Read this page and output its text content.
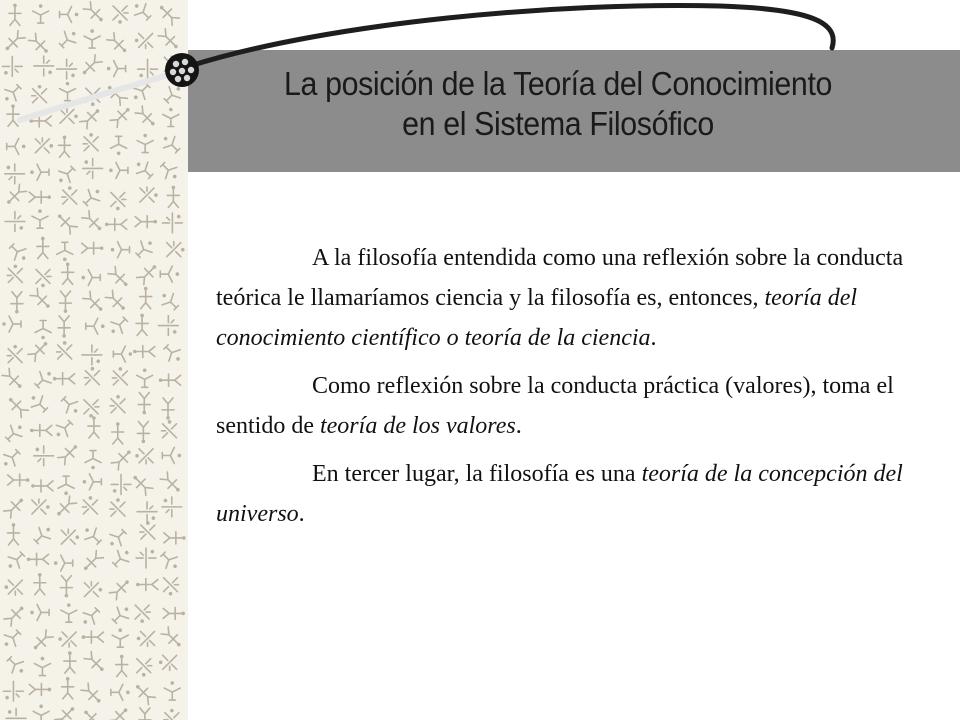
La posición de la Teoría del Conocimiento
en el Sistema Filosófico

A la filosofía entendida como una reflexión sobre la conducta teórica le llamaríamos ciencia y la filosofía es, entonces, teoría del conocimiento científico o teoría de la ciencia.

Como reflexión sobre la conducta práctica (valores), toma el sentido de teoría de los valores.

En tercer lugar, la filosofía es una teoría de la concepción del universo.
